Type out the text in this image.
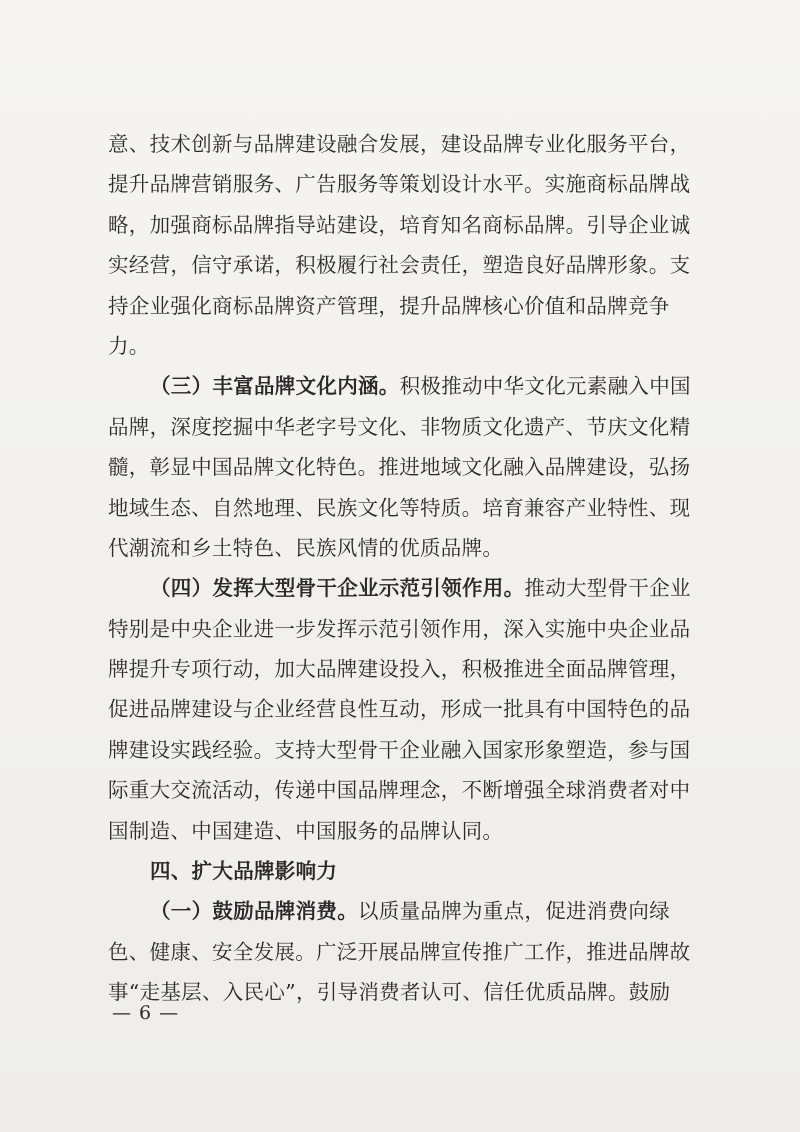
意、技术创新与品牌建设融合发展，建设品牌专业化服务平台，
提升品牌营销服务、广告服务等策划设计水平。实施商标品牌战
略，加强商标品牌指导站建设，培育知名商标品牌。引导企业诚
实经营，信守承诺，积极履行社会责任，塑造良好品牌形象。支
持企业强化商标品牌资产管理，提升品牌核心价值和品牌竞争
力。
（三）丰富品牌文化内涵。积极推动中华文化元素融入中国
品牌，深度挖掘中华老字号文化、非物质文化遗产、节庆文化精
髓，彰显中国品牌文化特色。推进地域文化融入品牌建设，弘扬
地域生态、自然地理、民族文化等特质。培育兼容产业特性、现
代潮流和乡土特色、民族风情的优质品牌。
（四）发挥大型骨干企业示范引领作用。推动大型骨干企业
特别是中央企业进一步发挥示范引领作用，深入实施中央企业品
牌提升专项行动，加大品牌建设投入，积极推进全面品牌管理，
促进品牌建设与企业经营良性互动，形成一批具有中国特色的品
牌建设实践经验。支持大型骨干企业融入国家形象塑造，参与国
际重大交流活动，传递中国品牌理念，不断增强全球消费者对中
国制造、中国建造、中国服务的品牌认同。
四、扩大品牌影响力
（一）鼓励品牌消费。以质量品牌为重点，促进消费向绿
色、健康、安全发展。广泛开展品牌宣传推广工作，推进品牌故
事“走基层、入民心”，引导消费者认可、信任优质品牌。鼓励
— 6 —
